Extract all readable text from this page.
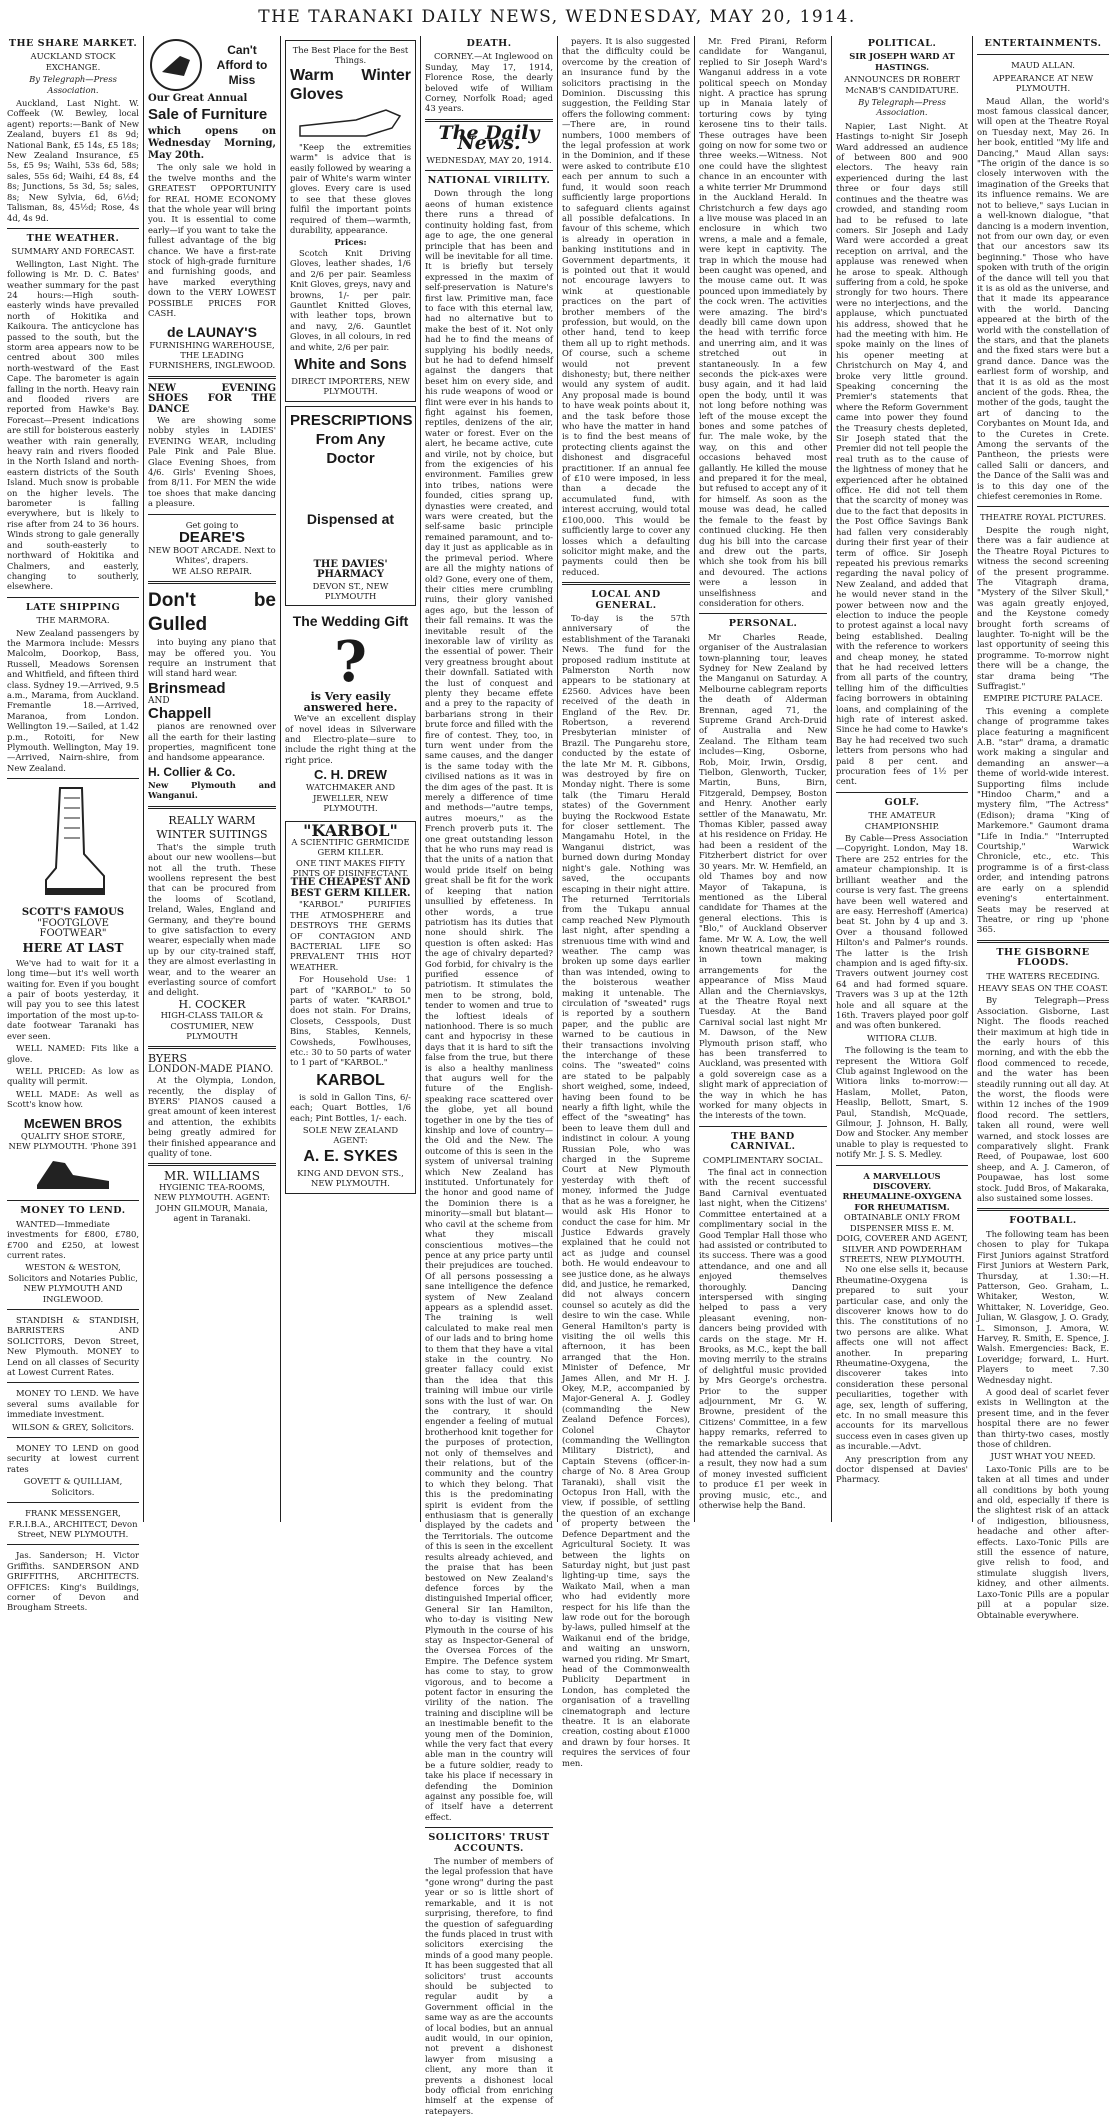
THE TARANAKI DAILY NEWS, WEDNESDAY, MAY 20, 1914.
THE SHARE MARKET.
AUCKLAND STOCK EXCHANGE.
By Telegraph—Press Association.

Auckland, Last Night. W. Coffeek (W. Bewley, local agent) reports:—Bank of New Zealand, buyers £1 8s 9d; National Bank, £5 14s, £5 18s; New Zealand Insurance, £5 5s, £5 9s; Waihi, 53s 6d, 58s; sales, 55s 6d; Waihi, £4 8s, £4 8s; Junctions, 5s 3d, 5s; sales, 8s; New Sylvia, 6d, 6½d; Talisman, 8s, 45½d; Rose, 4s 4d, 4s 9d.

THE WEATHER.
SUMMARY AND FORECAST.

Wellington, Last Night. The following is Mr. D. C. Bates' weather summary for the past 24 hours:—High south-easterly winds have prevailed north of Hokitika and Kaikoura. The anticyclone has passed to the south, but the storm area appears now to be centred about 300 miles north-westward of the East Cape. The barometer is again falling in the north. Heavy rain and flooded rivers are reported from Hawke's Bay. Forecast—Present indications are still for boisterous easterly weather with rain generally, heavy rain and rivers flooded in the North Island and north-eastern districts of the South Island. Much snow is probable on the higher levels. The barometer is falling everywhere, but is likely to rise after from 24 to 36 hours. Winds strong to gale generally and south-easterly to northward of Hokitika and Chalmers, and easterly, changing to southerly, elsewhere.

LATE SHIPPING
THE MARMORA.

New Zealand passengers by the Marmora include: Messrs Malcolm, Doorkop, Bass, Russell, Meadows Sorensen and Whitfield, and fifteen third class. Sydney 19.—Arrived, 9.5 a.m., Marama, from Auckland. Fremantle 18.—Arrived, Maranoa, from London. Wellington 19.—Sailed, at 1.42 p.m., Rotoiti, for New Plymouth. Wellington, May 19.—Arrived, Nairn-shire, from New Zealand.

SCOTT'S FAMOUS
"FOOTGLOVE FOOTWEAR"
HERE AT LAST

We've had to wait for it a long time—but it's well worth waiting for. Even if you bought a pair of boots yesterday, it will pay you to see this latest importation of the most up-to-date footwear Taranaki has ever seen.

WELL NAMED: Fits like a glove.

WELL PRICED: As low as quality will permit.

WELL MADE: As well as Scott's know how.

McEWEN BROS
QUALITY SHOE STORE,
NEW PLYMOUTH. 'Phone 391
MONEY TO LEND.

WANTED—Immediate investments for £800, £780, £700 and £250, at lowest current rates.

WESTON & WESTON, Solicitors and Notaries Public, NEW PLYMOUTH AND INGLEWOOD.

STANDISH & STANDISH, BARRISTERS AND SOLICITORS, Devon Street, New Plymouth. MONEY to Lend on all classes of Security at Lowest Current Rates.

MONEY TO LEND. We have several sums available for immediate investment.

WILSON & GREY, Solicitors.

MONEY TO LEND on good security at lowest current rates

GOVETT & QUILLIAM, Solicitors.
FRANK MESSENGER, F.R.I.B.A., ARCHITECT, Devon Street, NEW PLYMOUTH.

Jas. Sanderson; H. Victor Griffiths. SANDERSON AND GRIFFITHS, ARCHITECTS. OFFICES: King's Buildings, corner of Devon and Brougham Streets.

Can't Afford to Miss
Our Great Annual
Sale of Furniture
which opens on Wednesday Morning, May 20th.

The only sale we hold in the twelve months and the GREATEST OPPORTUNITY for REAL HOME ECONOMY that the whole year will bring you. It is essential to come early—if you want to take the fullest advantage of the big chance. We have a first-rate stock of high-grade furniture and furnishing goods, and have marked everything down to the VERY LOWEST POSSIBLE PRICES FOR CASH.

de LAUNAY'S
FURNISHING WAREHOUSE, THE LEADING FURNISHERS, INGLEWOOD.
NEW EVENING SHOES FOR THE DANCE

We are showing some nobby styles in LADIES' EVENING WEAR, including Pale Pink and Pale Blue. Glace Evening Shoes, from 4/6. Girls' Evening Shoes, from 8/11. For MEN the wide toe shoes that make dancing a pleasure.

Get going to
DEARE'S
NEW BOOT ARCADE. Next to Whites', drapers.
WE ALSO REPAIR.
Don't be Gulled

into buying any piano that may be offered you. You require an instrument that will stand hard wear.

Brinsmead
AND
Chappell

pianos are renowned over all the earth for their lasting properties, magnificent tone and handsome appearance.

H. Collier & Co.
New Plymouth and Wanganui.
REALLY WARM WINTER SUITINGS

That's the simple truth about our new woollens—but not all the truth. These woollens represent the best that can be procured from the looms of Scotland, Ireland, Wales, England and Germany, and they're bound to give satisfaction to every wearer, especially when made up by our city-trained staff, they are almost everlasting in wear, and to the wearer an everlasting source of comfort and delight.

H. COCKER
HIGH-CLASS TAILOR & COSTUMIER, NEW PLYMOUTH
BYERS
LONDON-MADE PIANO.

At the Olympia, London, recently, the display of BYERS' PIANOS caused a great amount of keen interest and attention, the exhibits being greatly admired for their finished appearance and quality of tone.

MR. WILLIAMS
HYGIENIC TEA-ROOMS, NEW PLYMOUTH. AGENT: JOHN GILMOUR, Manaia, agent in Taranaki.
The Best Place for the Best Things.
Warm Winter Gloves

"Keep the extremities warm" is advice that is easily followed by wearing a pair of White's warm winter gloves. Every care is used to see that these gloves fulfil the important points required of them—warmth, durability, appearance.

Prices:

Scotch Knit Driving Gloves, leather shades, 1/6 and 2/6 per pair. Seamless Knit Gloves, greys, navy and browns, 1/- per pair. Gauntlet Knitted Gloves, with leather tops, brown and navy, 2/6. Gauntlet Gloves, in all colours, in red and white, 2/6 per pair.

White and Sons
DIRECT IMPORTERS, NEW PLYMOUTH.
PRESCRIPTIONS From Any Doctor
Dispensed at
THE DAVIES' PHARMACY
DEVON ST., NEW PLYMOUTH
The Wedding Gift
?
is Very easily answered here.

We've an excellent display of novel ideas in Silverware and Electro-plate—sure to include the right thing at the right price.

C. H. DREW
WATCHMAKER AND JEWELLER, NEW PLYMOUTH.
"KARBOL"
A SCIENTIFIC GERMICIDE GERM KILLER.
ONE TINT MAKES FIFTY PINTS OF DISINFECTANT.
THE CHEAPEST AND BEST GERM KILLER.

"KARBOL" PURIFIES THE ATMOSPHERE and DESTROYS THE GERMS OF CONTAGION AND BACTERIAL LIFE SO PREVALENT THIS HOT WEATHER.

For Household Use: 1 part of "KARBOL" to 50 parts of water. "KARBOL" does not stain. For Drains, Closets, Cesspools, Dust Bins, Stables, Kennels, Cowsheds, Fowlhouses, etc.: 30 to 50 parts of water to 1 part of "KARBOL."

KARBOL

is sold in Gallon Tins, 6/- each; Quart Bottles, 1/6 each; Pint Bottles, 1/- each.

SOLE NEW ZEALAND AGENT:
A. E. SYKES
KING AND DEVON STS., NEW PLYMOUTH.
DEATH.

CORNEY.—At Inglewood on Sunday, May 17, 1914, Florence Rose, the dearly beloved wife of William Corney, Norfolk Road; aged 43 years.

The Daily News.
WEDNESDAY, MAY 20, 1914.
NATIONAL VIRILITY.

Down through the long aeons of human existence there runs a thread of continuity holding fast, from age to age, the one general principle that has been and will be inevitable for all time. It is briefly but tersely expressed in the maxim of self-preservation is Nature's first law. Primitive man, face to face with this eternal law, had no alternative but to make the best of it. Not only had he to find the means of supplying his bodily needs, but he had to defend himself against the dangers that beset him on every side, and his rude weapons of wood or flint were ever in his hands to fight against his foemen, reptiles, denizens of the air, water or forest. Ever on the alert, he became active, cute and virile, not by choice, but from the exigencies of his environment. Families grew into tribes, nations were founded, cities sprang up, dynasties were created, and wars were created, but the self-same basic principle remained paramount, and to-day it just as applicable as in the primeval period. Where are all the mighty nations of old? Gone, every one of them, their cities mere crumbling ruins, their glory vanished ages ago, but the lesson of their fall remains. It was the inevitable result of the inexorable law of virility as the essential of power. Their very greatness brought about their downfall. Satiated with the lust of conquest and plenty they became effete and a prey to the rapacity of barbarians strong in their brute force and filled with the fire of contest. They, too, in turn went under from the same causes, and the danger is the same today with the civilised nations as it was in the dim ages of the past. It is merely a difference of time and methods—"autre temps, autres moeurs," as the French proverb puts it. The one great outstanding lesson that he who runs may read is that the units of a nation that would pride itself on being great shall be fit for the work of keeping that nation unsullied by effeteness. In other words, a true patriotism has its duties that none should shirk. The question is often asked: Has the age of chivalry departed? God forbid, for chivalry is the purified essence of patriotism. It stimulates the men to be strong, bold, tender to women and true to the loftiest ideals of nationhood. There is so much cant and hypocrisy in these days that it is hard to sift the false from the true, but there is also a healthy manliness that augurs well for the future of the English-speaking race scattered over the globe, yet all bound together in one by the ties of kinship and love of country—the Old and the New. The outcome of this is seen in the system of universal training which New Zealand has instituted. Unfortunately for the honor and good name of the Dominion there is a minority—small but blatant—who cavil at the scheme from what they miscall conscientious motives—the pence at any price party until their prejudices are touched. Of all persons possessing a sane intelligence the defence system of New Zealand appears as a splendid asset. The training is well calculated to make real men of our lads and to bring home to them that they have a vital stake in the country. No greater fallacy could exist than the idea that this training will imbue our virile sons with the lust of war. On the contrary, it should engender a feeling of mutual brotherhood knit together for the purposes of protection, not only of themselves and their relations, but of the community and the country to which they belong. That this is the predominating spirit is evident from the enthusiasm that is generally displayed by the cadets and the Territorials. The outcome of this is seen in the excellent results already achieved, and the praise that has been bestowed on New Zealand's defence forces by the distinguished Imperial officer, General Sir Ian Hamilton, who to-day is visiting New Plymouth in the course of his stay as Inspector-General of the Oversea Forces of the Empire. The Defence system has come to stay, to grow vigorous, and to become a potent factor in ensuring the virility of the nation. The training and discipline will be an inestimable benefit to the young men of the Dominion, while the very fact that every able man in the country will be a future soldier, ready to take his place if necessary in defending the Dominion against any possible foe, will of itself have a deterrent effect.

SOLICITORS' TRUST ACCOUNTS.

The number of members of the legal profession that have "gone wrong" during the past year or so is little short of remarkable, and it is not surprising, therefore, to find the question of safeguarding the funds placed in trust with solicitors exercising the minds of a good many people. It has been suggested that all solicitors' trust accounts should be subjected to regular audit by a Government official in the same way as are the accounts of local bodies, but an annual audit would, in our opinion, not prevent a dishonest lawyer from misusing a client, any more than it prevents a dishonest local body official from enriching himself at the expense of ratepayers.

payers. It is also suggested that the difficulty could be overcome by the creation of an insurance fund by the solicitors practising in the Dominion. Discussing this suggestion, the Feilding Star offers the following comment:—There are, in round numbers, 1000 members of the legal profession at work in the Dominion, and if these were asked to contribute £10 each per annum to such a fund, it would soon reach sufficiently large proportions to safeguard clients against all possible defalcations. In favour of this scheme, which is already in operation in banking institutions and in Government departments, it is pointed out that it would not encourage lawyers to wink at questionable practices on the part of brother members of the profession, but would, on the other hand, tend to keep them all up to right methods. Of course, such a scheme would not prevent dishonesty; but, there neither would any system of audit. Any proposal made is bound to have weak points about it, and the task before those who have the matter in hand is to find the best means of protecting clients against the dishonest and disgraceful practitioner. If an annual fee of £10 were imposed, in less than a decade the accumulated fund, with interest accruing, would total £100,000. This would be sufficiently large to cover any losses which a defaulting solicitor might make, and the payments could then be reduced.

LOCAL AND GENERAL.

To-day is the 57th anniversary of the establishment of the Taranaki News. The fund for the proposed radium institute at Palmerston North now appears to be stationary at £2560. Advices have been received of the death in England of the Rev. Dr. Robertson, a reverend Presbyterian minister of Brazil. The Pungarehu store, conducted by the estate of the late Mr M. R. Gibbons, was destroyed by fire on Monday night. There is some talk (the Timaru Herald states) of the Government buying the Rockwood Estate for closer settlement. The Mangamahu Hotel, in the Wanganui district, was burned down during Monday night's gale. Nothing was saved, the occupants escaping in their night attire. The returned Territorials from the Tukapu annual camp reached New Plymouth last night, after spending a strenuous time with wind and weather. The camp was broken up some days earlier than was intended, owing to the boisterous weather making it untenable. The circulation of "sweated" rugs is reported by a southern paper, and the public are warned to be cautious in their transactions involving the interchange of these coins. The "sweated" coins are stated to be palpably short weighed, some, indeed, having been found to be nearly a fifth light, while the effect of the "sweating" has been to leave them dull and indistinct in colour. A young Russian Pole, who was charged in the Supreme Court at New Plymouth yesterday with theft of money, informed the Judge that as he was a foreigner, he would ask His Honor to conduct the case for him. Mr Justice Edwards gravely explained that he could not act as judge and counsel both. He would endeavour to see justice done, as he always did, and justice, he remarked, did not always concern counsel so acutely as did the desire to win the case. While General Hamilton's party is visiting the oil wells this afternoon, it has been arranged that the Hon. Minister of Defence, Mr James Allen, and Mr H. J. Okey, M.P., accompanied by Major-General A. J. Godley (commanding the New Zealand Defence Forces), Colonel Chaytor (commanding the Wellington Military District), and Captain Stevens (officer-in-charge of No. 8 Area Group Taranaki), shall visit the Octopus Iron Hall, with the view, if possible, of settling the question of an exchange of property between the Defence Department and the Agricultural Society. It was between the lights on Saturday night, but just past lighting-up time, says the Waikato Mail, when a man who had evidently more respect for his life than the law rode out for the borough by-laws, pulled himself at the Waikanui end of the bridge, and waiting an unsworn, warned you riding. Mr Smart, head of the Commonwealth Publicity Department in London, has completed the organisation of a travelling cinematograph and lecture theatre. It is an elaborate creation, costing about £1000 and drawn by four horses. It requires the services of four men.

Mr. Fred Pirani, Reform candidate for Wanganui, replied to Sir Joseph Ward's Wanganui address in a vote political speech on Monday night. A practice has sprung up in Manaia lately of torturing cows by tying kerosene tins to their tails. These outrages have been going on now for some two or three weeks.—Witness. Not one could have the slightest chance in an encounter with a white terrier Mr Drummond in the Auckland Herald. In Christchurch a few days ago a live mouse was placed in an enclosure in which two wrens, a male and a female, were kept in captivity. The trap in which the mouse had been caught was opened, and the mouse came out. It was pounced upon immediately by the cock wren. The activities were amazing. The bird's deadly bill came down upon the head with terrific force and unerring aim, and it was stretched out in stantaneously. In a few seconds the pick-axes were busy again, and it had laid open the body, until it was not long before nothing was left of the mouse except the bones and some patches of fur. The male woke, by the way, on this and other occasions behaved most gallantly. He killed the mouse and prepared it for the meal, but refused to accept any of it for himself. As soon as the mouse was dead, he called the female to the feast by continued clucking. He then dug his bill into the carcase and drew out the parts, which she took from his bill and devoured. The actions were a lesson in unselfishness and consideration for others.

PERSONAL.

Mr Charles Reade, organiser of the Australasian town-planning tour, leaves Sydney for New Zealand by the Manganui on Saturday. A Melbourne cablegram reports the death of Alderman Brennan, aged 71, the Supreme Grand Arch-Druid of Australia and New Zealand. The Eltham team includes—King, Osborne, Rob, Moir, Irwin, Orsdig, Tielbon, Glenworth, Tucker, Martin, Buns, Birn, Fitzgerald, Dempsey, Boston and Henry. Another early settler of the Manawatu, Mr. Thomas Kibler, passed away at his residence on Friday. He had been a resident of the Fitzherbert district for over 30 years. Mr. W. Hemfield, an old Thames boy and now Mayor of Takapuna, is mentioned as the Liberal candidate for Thames at the general elections. This is "Blo," of Auckland Observer fame. Mr W. A. Low, the well known theatrical manager, is in town making arrangements for the appearance of Miss Maud Allan and the Cherniavskys, at the Theatre Royal next Tuesday. At the Band Carnival social last night Mr M. Dawson, of the New Plymouth prison staff, who has been transferred to Auckland, was presented with a gold sovereign case as a slight mark of appreciation of the way in which he has worked for many objects in the interests of the town.

THE BAND CARNIVAL.
COMPLIMENTARY SOCIAL.

The final act in connection with the recent successful Band Carnival eventuated last night, when the Citizens' Committee entertained at a complimentary social in the Good Templar Hall those who had assisted or contributed to its success. There was a good attendance, and one and all enjoyed themselves thoroughly. Dancing interspersed with singing helped to pass a very pleasant evening, non-dancers being provided with cards on the stage. Mr H. Brooks, as M.C., kept the ball moving merrily to the strains of delightful music provided by Mrs George's orchestra. Prior to the supper adjournment, Mr G. W. Browne, president of the Citizens' Committee, in a few happy remarks, referred to the remarkable success that had attended the carnival. As a result, they now had a sum of money invested sufficient to produce £1 per week in proving music, etc., and otherwise help the Band.

POLITICAL.
SIR JOSEPH WARD AT HASTINGS.
ANNOUNCES DR ROBERT McNAB'S CANDIDATURE.
By Telegraph—Press Association.

Napier, Last Night. At Hastings to-night Sir Joseph Ward addressed an audience of between 800 and 900 electors. The heavy rain experienced during the last three or four days still continues and the theatre was crowded, and standing room had to be refused to late comers. Sir Joseph and Lady Ward were accorded a great reception on arrival, and the applause was renewed when he arose to speak. Although suffering from a cold, he spoke strongly for two hours. There were no interjections, and the applause, which punctuated his address, showed that he had the meeting with him. He spoke mainly on the lines of his opener meeting at Christchurch on May 4, and broke very little ground. Speaking concerning the Premier's statements that where the Reform Government came into power they found the Treasury chests depleted, Sir Joseph stated that the Premier did not tell people the real truth as to the cause of the lightness of money that he experienced after he obtained office. He did not tell them that the scarcity of money was due to the fact that deposits in the Post Office Savings Bank had fallen very considerably during their first year of their term of office. Sir Joseph repeated his previous remarks regarding the naval policy of New Zealand, and added that he would never stand in the power between now and the election to induce the people to protest against a local navy being established. Dealing with the reference to workers and cheap money, he stated that he had received letters from all parts of the country, telling him of the difficulties facing borrowers in obtaining loans, and complaining of the high rate of interest asked. Since he had come to Hawke's Bay he had received two such letters from persons who had paid 8 per cent. and procuration fees of 1½ per cent.

GOLF.
THE AMATEUR CHAMPIONSHIP.

By Cable—Press Association—Copyright. London, May 18. There are 252 entries for the amateur championship. It is brilliant weather and the course is very fast. The greens have been well watered and are easy. Herreshoff (America) beat St. John by 4 up and 3. Over a thousand followed Hilton's and Palmer's rounds. The latter is the Irish champion and is aged fifty-six. Travers outwent journey cost 64 and had formed square. Travers was 3 up at the 12th hole and all square at the 16th. Travers played poor golf and was often bunkered.

WITIORA CLUB.

The following is the team to represent the Witiora Golf Club against Inglewood on the Witiora links to-morrow:—Haslam, Mollet, Paton, Heaslip, Bellott, Smart, S. Paul, Standish, McQuade, Gilmour, J. Johnson, H. Bally, Dow and Stocker. Any member unable to play is requested to notify Mr. J. S. S. Medley.

A MARVELLOUS DISCOVERY. RHEUMALINE-OXYGENA FOR RHEUMATISM.
OBTAINABLE ONLY FROM DISPENSER MISS E. M. DOIG, COVERER AND AGENT, SILVER AND POWDERHAM STREETS, NEW PLYMOUTH.

No one else sells it, because Rheumatine-Oxygena is prepared to suit your particular case, and only the discoverer knows how to do this. The constitutions of no two persons are alike. What affects one will not affect another. In preparing Rheumatine-Oxygena, the discoverer takes into consideration these personal peculiarities, together with age, sex, length of suffering, etc. In no small measure this accounts for its marvellous success even in cases given up as incurable.—Advt.

Any prescription from any doctor dispensed at Davies' Pharmacy.

ENTERTAINMENTS.
MAUD ALLAN.
APPEARANCE AT NEW PLYMOUTH.

Maud Allan, the world's most famous classical dancer, will open at the Theatre Royal on Tuesday next, May 26. In her book, entitled "My life and Dancing," Maud Allan says: "The origin of the dance is so closely interwoven with the imagination of the Greeks that its influence remains. We are not to believe," says Lucian in a well-known dialogue, "that dancing is a modern invention, not from our own day, or even that our ancestors saw its beginning." Those who have spoken with truth of the origin of the dance will tell you that it is as old as the universe, and that it made its appearance with the world. Dancing appeared at the birth of the world with the constellation of the stars, and that the planets and the fixed stars were but a grand dance. Dance was the earliest form of worship, and that it is as old as the most ancient of the gods. Rhea, the mother of the gods, taught the art of dancing to the Corybantes on Mount Ida, and to the Curetes in Crete. Among the servants of the Pantheon, the priests were called Salii or dancers, and the Dance of the Salii was and is to this day one of the chiefest ceremonies in Rome.

THEATRE ROYAL PICTURES.

Despite the rough night, there was a fair audience at the Theatre Royal Pictures to witness the second screening of the present programme. The Vitagraph drama, "Mystery of the Silver Skull," was again greatly enjoyed, and the Keystone comedy brought forth screams of laughter. To-night will be the last opportunity of seeing this programme. To-morrow night there will be a change, the star drama being "The Suffragist."

EMPIRE PICTURE PALACE.

This evening a complete change of programme takes place featuring a magnificent A.B. "star" drama, a dramatic work making a singular and demanding an answer—a theme of world-wide interest. Supporting films include "Hindoo Charm," and a mystery film, "The Actress" (Edison); drama "King of Markemore." Gaumont drama "Life in India." "Interrupted Courtship," Warwick Chronicle, etc., etc. This programme is of a first-class order, and intending patrons are early on a splendid evening's entertainment. Seats may be reserved at Theatre, or ring up 'phone 365.

THE GISBORNE FLOODS.
THE WATERS RECEDING.
HEAVY SEAS ON THE COAST.

By Telegraph—Press Association. Gisborne, Last Night. The floods reached their maximum at high tide in the early hours of this morning, and with the ebb the flood commenced to recede, and the water has been steadily running out all day. At the worst, the floods were within 12 inches of the 1909 flood record. The settlers, taken all round, were well warned, and stock losses are comparatively slight. Frank Reed, of Poupawae, lost 600 sheep, and A. J. Cameron, of Poupawae, has lost some stock. Judd Bros, of Makaraka, also sustained some losses.

FOOTBALL.

The following team has been chosen to play for Tukapa First Juniors against Stratford First Juniors at Western Park, Thursday, at 1.30:—H. Patterson, Geo. Graham, L. Whitaker, Weston, W. Whittaker, N. Loveridge, Geo. Julian, W. Glasgow, J. O. Grady, L. Simonson, J. Amora, W. Harvey, R. Smith, E. Spence, J. Walsh. Emergencies: Back, E. Loveridge; forward, L. Hurt. Players to meet 7.30 Wednesday night.

A good deal of scarlet fever exists in Wellington at the present time, and in the fever hospital there are no fewer than thirty-two cases, mostly those of children.

JUST WHAT YOU NEED.

Laxo-Tonic Pills are to be taken at all times and under all conditions by both young and old, especially if there is the slightest risk of an attack of indigestion, biliousness, headache and other after-effects. Laxo-Tonic Pills are still the essence of nature, give relish to food, and stimulate sluggish livers, kidney, and other ailments. Laxo-Tonic Pills are a popular pill at a popular size. Obtainable everywhere.
